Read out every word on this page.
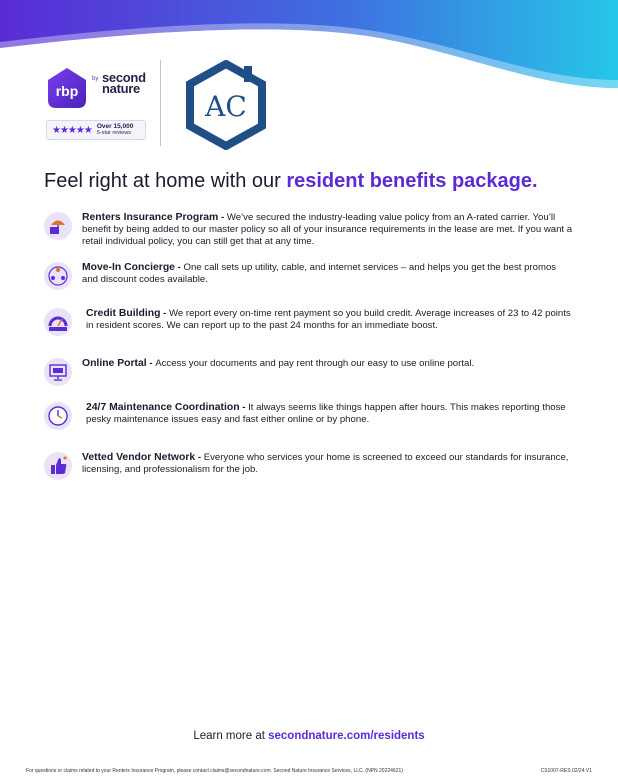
rbp
by second nature
★★★★★ Over 15,000
5-star reviews
AC
Feel right at home with our resident benefits package.
Renters Insurance Program - We’ve secured the industry-leading value policy from an A-rated carrier. You’ll benefit by being added to our master policy so all of your insurance requirements in the lease are met. If you want a retail individual policy, you can still get that at any time.
Move-In Concierge - One call sets up utility, cable, and internet services – and helps you get the best promos and discount codes available.
Credit Building - We report every on-time rent payment so you build credit. Average increases of 23 to 42 points in resident scores. We can report up to the past 24 months for an immediate boost.
Online Portal - Access your documents and pay rent through our easy to use online portal.
24/7 Maintenance Coordination - It always seems like things happen after hours. This makes reporting those pesky maintenance issues easy and fast either online or by phone.
Vetted Vendor Network - Everyone who services your home is screened to exceed our standards for insurance, licensing, and professionalism for the job.
Learn more at secondnature.com/residents
For questions or claims related to your Renters Insurance Program, please contact claims@secondnature.com. Second Nature Insurance Services, LLC. (NPN 20224621)	CS1007-RES 02/24 V1
